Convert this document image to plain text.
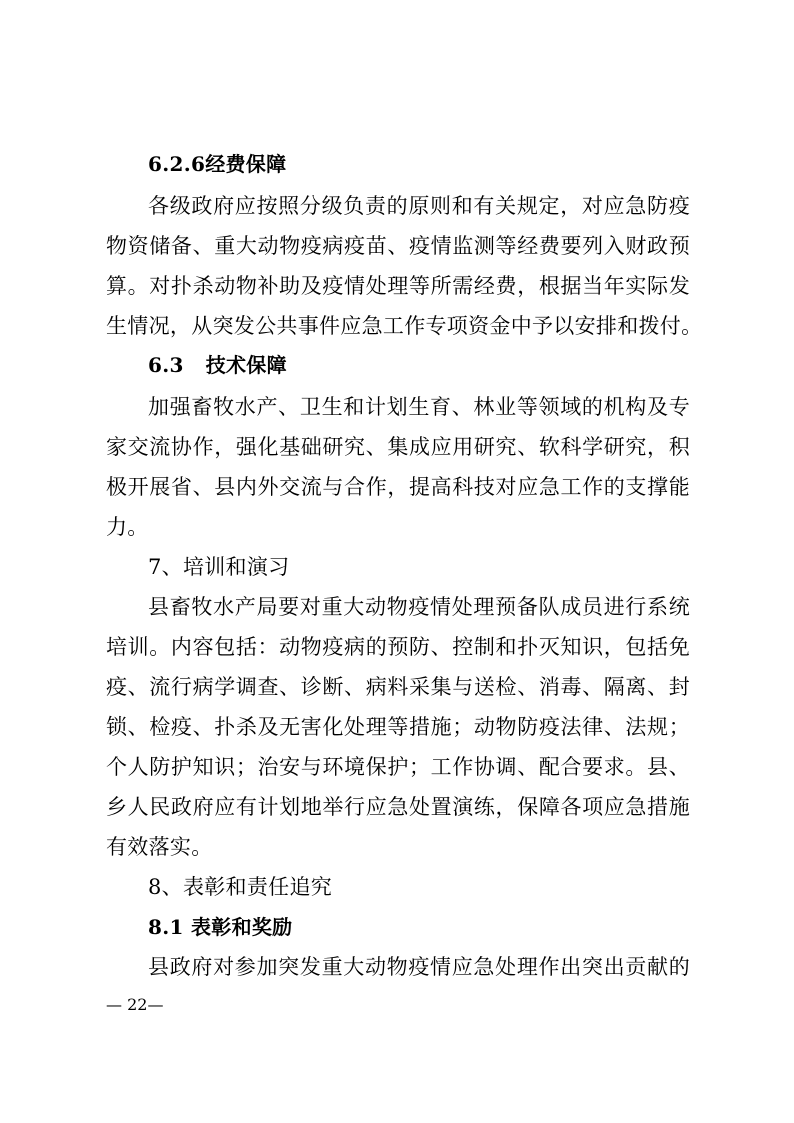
6.2.6经费保障
各级政府应按照分级负责的原则和有关规定，对应急防疫
物资储备、重大动物疫病疫苗、疫情监测等经费要列入财政预
算。对扑杀动物补助及疫情处理等所需经费，根据当年实际发
生情况，从突发公共事件应急工作专项资金中予以安排和拨付。
6.3 技术保障
加强畜牧水产、卫生和计划生育、林业等领域的机构及专
家交流协作，强化基础研究、集成应用研究、软科学研究，积
极开展省、县内外交流与合作，提高科技对应急工作的支撑能
力。
7、培训和演习
县畜牧水产局要对重大动物疫情处理预备队成员进行系统
培训。内容包括：动物疫病的预防、控制和扑灭知识，包括免
疫、流行病学调查、诊断、病料采集与送检、消毒、隔离、封
锁、检疫、扑杀及无害化处理等措施；动物防疫法律、法规；
个人防护知识；治安与环境保护；工作协调、配合要求。县、
乡人民政府应有计划地举行应急处置演练，保障各项应急措施
有效落实。
8、表彰和责任追究
8.1 表彰和奖励
县政府对参加突发重大动物疫情应急处理作出突出贡献的
— 22—
